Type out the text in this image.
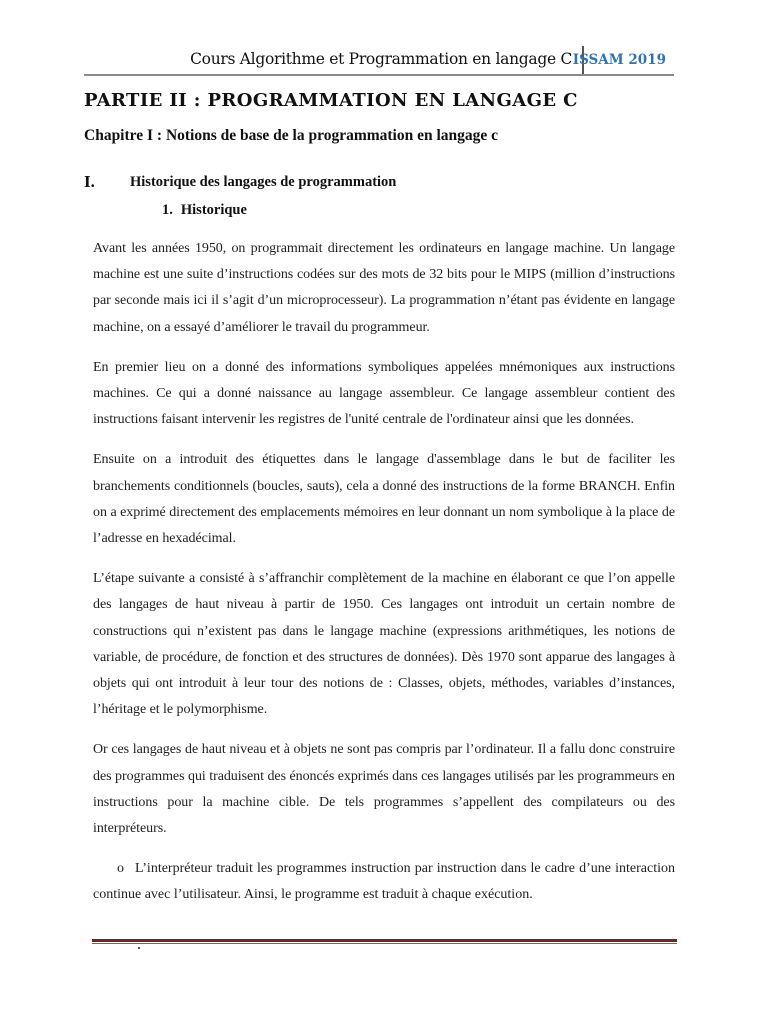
Cours Algorithme et Programmation en langage C ISSAM 2019
PARTIE II : PROGRAMMATION EN LANGAGE C
Chapitre I : Notions de base de la programmation en langage c
I. Historique des langages de programmation
1. Historique

Avant les années 1950, on programmait directement les ordinateurs en langage machine. Un langage machine est une suite d’instructions codées sur des mots de 32 bits pour le MIPS (million d’instructions par seconde mais ici il s’agit d’un microprocesseur). La programmation n’étant pas évidente en langage machine, on a essayé d’améliorer le travail du programmeur.

En premier lieu on a donné des informations symboliques appelées mnémoniques aux instructions machines. Ce qui a donné naissance au langage assembleur. Ce langage assembleur contient des instructions faisant intervenir les registres de l'unité centrale de l'ordinateur ainsi que les données.

Ensuite on a introduit des étiquettes dans le langage d'assemblage dans le but de faciliter les branchements conditionnels (boucles, sauts), cela a donné des instructions de la forme BRANCH. Enfin on a exprimé directement des emplacements mémoires en leur donnant un nom symbolique à la place de l’adresse en hexadécimal.

L’étape suivante a consisté à s’affranchir complètement de la machine en élaborant ce que l’on appelle des langages de haut niveau à partir de 1950. Ces langages ont introduit un certain nombre de constructions qui n’existent pas dans le langage machine (expressions arithmétiques, les notions de variable, de procédure, de fonction et des structures de données). Dès 1970 sont apparue des langages à objets qui ont introduit à leur tour des notions de : Classes, objets, méthodes, variables d’instances, l’héritage et le polymorphisme.

Or ces langages de haut niveau et à objets ne sont pas compris par l’ordinateur. Il a fallu donc construire des programmes qui traduisent des énoncés exprimés dans ces langages utilisés par les programmeurs en instructions pour la machine cible. De tels programmes s’appellent des compilateurs ou des interpréteurs.

o L’interpréteur traduit les programmes instruction par instruction dans le cadre d’une interaction continue avec l’utilisateur. Ainsi, le programme est traduit à chaque exécution.
